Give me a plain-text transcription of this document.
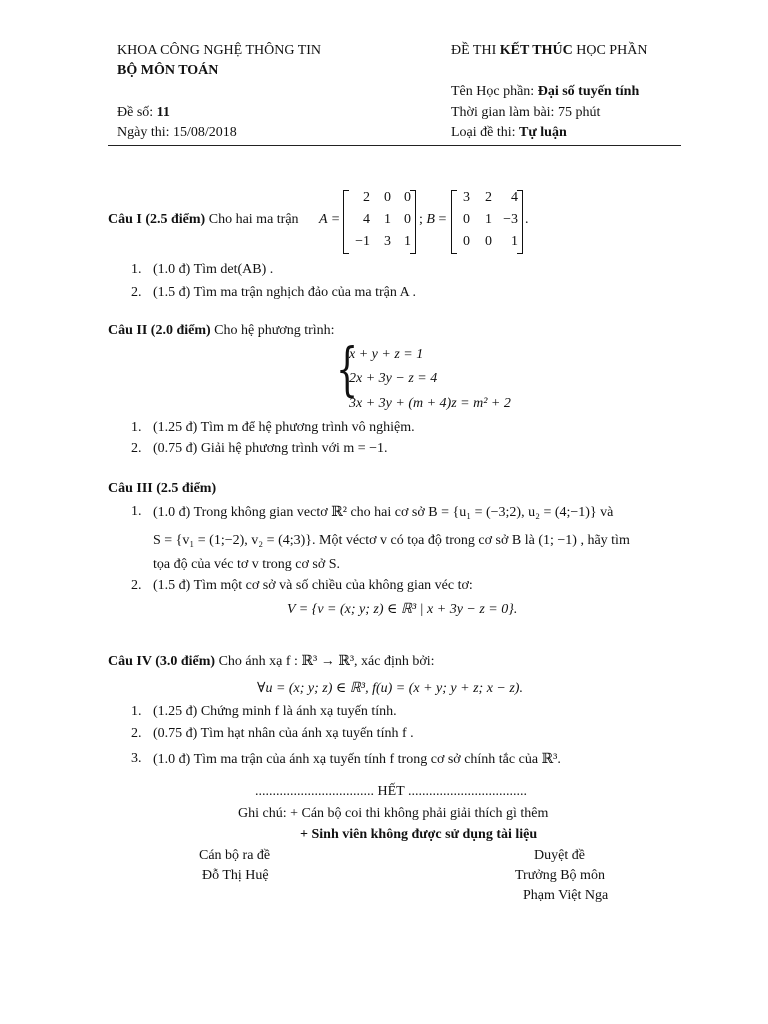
KHOA CÔNG NGHỆ THÔNG TIN
BỘ MÔN TOÁN
ĐỀ THI KẾT THÚC HỌC PHẦN
Tên Học phần: Đại số tuyến tính
Đề số: 11	Thời gian làm bài: 75 phút
Ngày thi: 15/08/2018	Loại đề thi: Tự luận
Câu I (2.5 điểm) Cho hai ma trận A =
2	0 0
4	1 0
−1	3 1
; B =
3	2	4
0	1 −3
0	0	1
.
1. (1.0 đ) Tìm det(AB) .
2. (1.5 đ) Tìm ma trận nghịch đảo của ma trận A .
Câu II (2.0 điểm) Cho hệ phương trình:
{
x + y + z = 1
2x + 3y − z = 4
3x + 3y + (m + 4)z = m² + 2
1. (1.25 đ) Tìm m để hệ phương trình vô nghiệm.
2. (0.75 đ) Giải hệ phương trình với m = −1.
Câu III (2.5 điểm)
1. (1.0 đ) Trong không gian vectơ ℝ² cho hai cơ sở B = {u₁ = (−3;2), u₂ = (4;−1)} và
S = {v₁ = (1;−2), v₂ = (4;3)}. Một véctơ v có tọa độ trong cơ sở B là (1; −1) , hãy tìm
tọa độ của véc tơ v trong cơ sở S.
2. (1.5 đ) Tìm một cơ sở và số chiều của không gian véc tơ:
V = {v = (x; y; z) ∈ ℝ³ | x + 3y − z = 0}.
Câu IV (3.0 điểm) Cho ánh xạ f : ℝ³ → ℝ³, xác định bởi:
∀u = (x; y; z) ∈ ℝ³, f(u) = (x + y; y + z; x − z).
1. (1.25 đ) Chứng minh f là ánh xạ tuyến tính.
2. (0.75 đ) Tìm hạt nhân của ánh xạ tuyến tính f .
3. (1.0 đ) Tìm ma trận của ánh xạ tuyến tính f trong cơ sở chính tắc của ℝ³.
.................................. HẾT ..................................
Ghi chú: + Cán bộ coi thi không phải giải thích gì thêm
+ Sinh viên không được sử dụng tài liệu
Cán bộ ra đề
Đỗ Thị Huệ
Duyệt đề
Trưởng Bộ môn
Phạm Việt Nga
